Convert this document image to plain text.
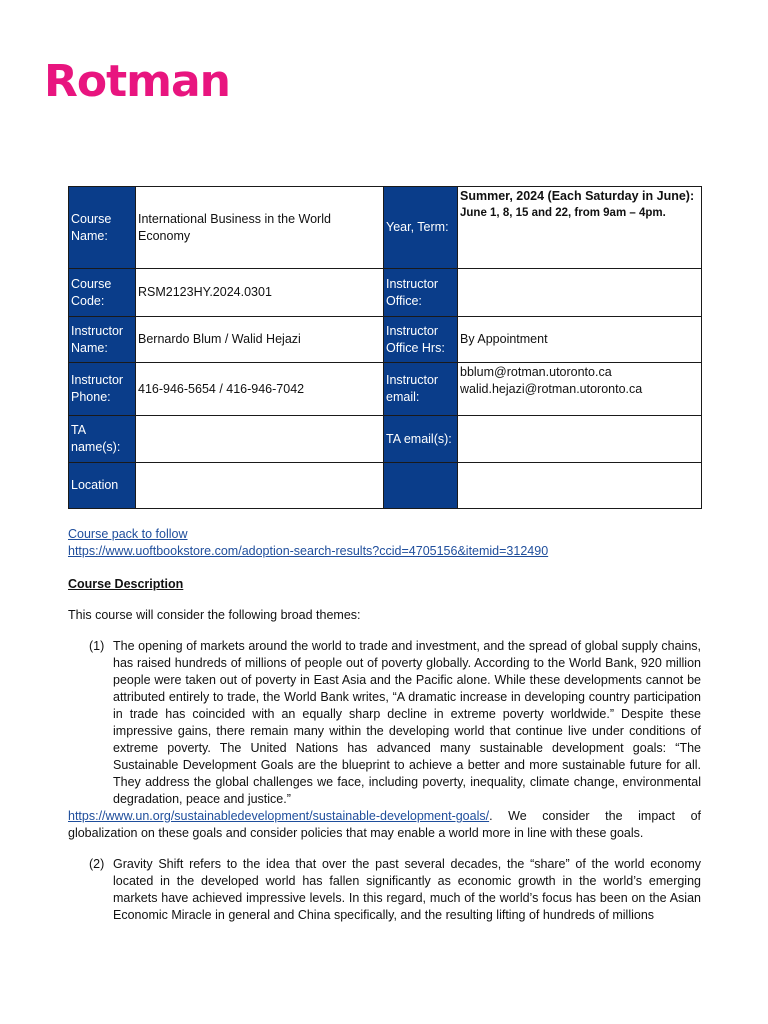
Rotman
Course Name:	International Business in the World Economy	Year, Term:	Summer, 2024 (Each Saturday in June):
June 1, 8, 15 and 22, from 9am – 4pm.

Course Code:	RSM2123HY.2024.0301	Instructor Office:	
Instructor Name:	Bernardo Blum / Walid Hejazi	Instructor Office Hrs:	By Appointment
Instructor Phone:	416-946-5654 / 416-946-7042	Instructor email:	bblum@rotman.utoronto.ca
walid.hejazi@rotman.utoronto.ca

TA name(s):		TA email(s):	
Location			
Course pack to follow
https://www.uoftbookstore.com/adoption-search-results?ccid=4705156&itemid=312490
Course Description
This course will consider the following broad themes:
(1) The opening of markets around the world to trade and investment, and the spread of global supply chains, has raised hundreds of millions of people out of poverty globally. According to the World Bank, 920 million people were taken out of poverty in East Asia and the Pacific alone. While these developments cannot be attributed entirely to trade, the World Bank writes, “A dramatic increase in developing country participation in trade has coincided with an equally sharp decline in extreme poverty worldwide.” Despite these impressive gains, there remain many within the developing world that continue live under conditions of extreme poverty. The United Nations has advanced many sustainable development goals: “The Sustainable Development Goals are the blueprint to achieve a better and more sustainable future for all. They address the global challenges we face, including poverty, inequality, climate change, environmental degradation, peace and justice.”
https://www.un.org/sustainabledevelopment/sustainable-development-goals/. We consider the impact of globalization on these goals and consider policies that may enable a world more in line with these goals.
(2) Gravity Shift refers to the idea that over the past several decades, the “share” of the world economy located in the developed world has fallen significantly as economic growth in the world’s emerging markets have achieved impressive levels. In this regard, much of the world’s focus has been on the Asian Economic Miracle in general and China specifically, and the resulting lifting of hundreds of millions
